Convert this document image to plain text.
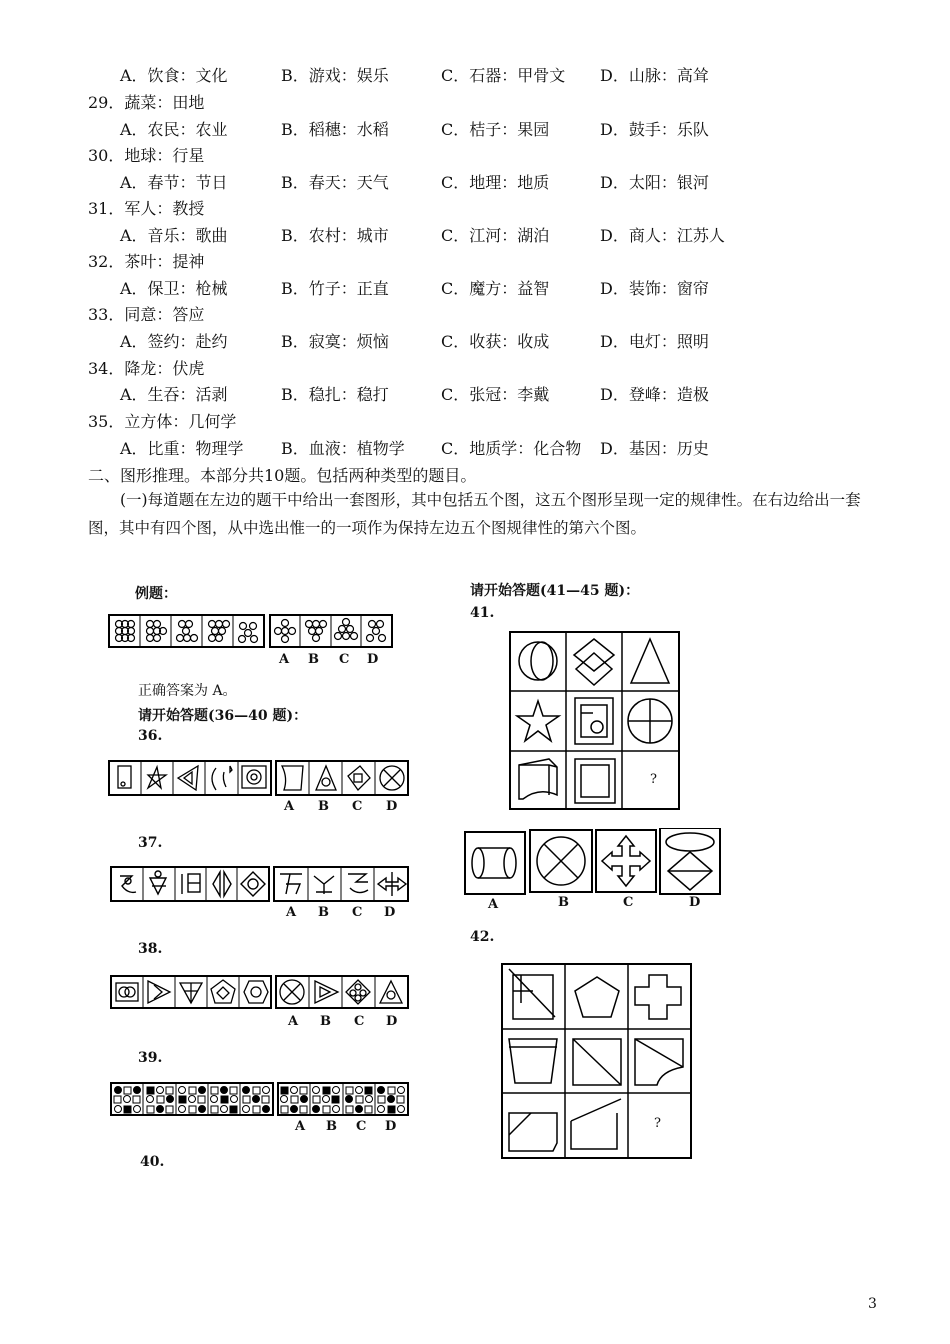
A．饮食：文化	B．游戏：娱乐	C．石器：甲骨文 D．山脉：高耸
29．蔬菜：田地
A．农民：农业	B．稻穗：水稻	C．桔子：果园	D．鼓手：乐队
30．地球：行星
A．春节：节日	B．春天：天气	C．地理：地质	D．太阳：银河
31．军人：教授
A．音乐：歌曲	B．农村：城市	C．江河：湖泊	D．商人：江苏人
32．茶叶：提神
A．保卫：枪械	B．竹子：正直	C．魔方：益智	D．装饰：窗帘
33．同意：答应
A．签约：赴约	B．寂寞：烦恼	C．收获：收成	D．电灯：照明
34．降龙：伏虎
A．生吞：活剥	B．稳扎：稳打	C．张冠：李戴	D．登峰：造极
35．立方体：几何学
A．比重：物理学 B．血液：植物学 C．地质学：化合物 D．基因：历史
二、图形推理。本部分共10题。包括两种类型的题目。
(一)每道题在左边的题干中给出一套图形，其中包括五个图，这五个图形呈现一定的规律性。在右边给出一套图，其中有四个图，从中选出惟一的一项作为保持左边五个图规律性的第六个图。
例题：
A B C D
正确答案为 A。
请开始答题(36—40 题)：
36.
A B C D
37.
A B C D
38.
A B C D
39.
A B C D
40.
请开始答题(41—45 题)：
41.
?
A	B	C	D
42.
?
3
